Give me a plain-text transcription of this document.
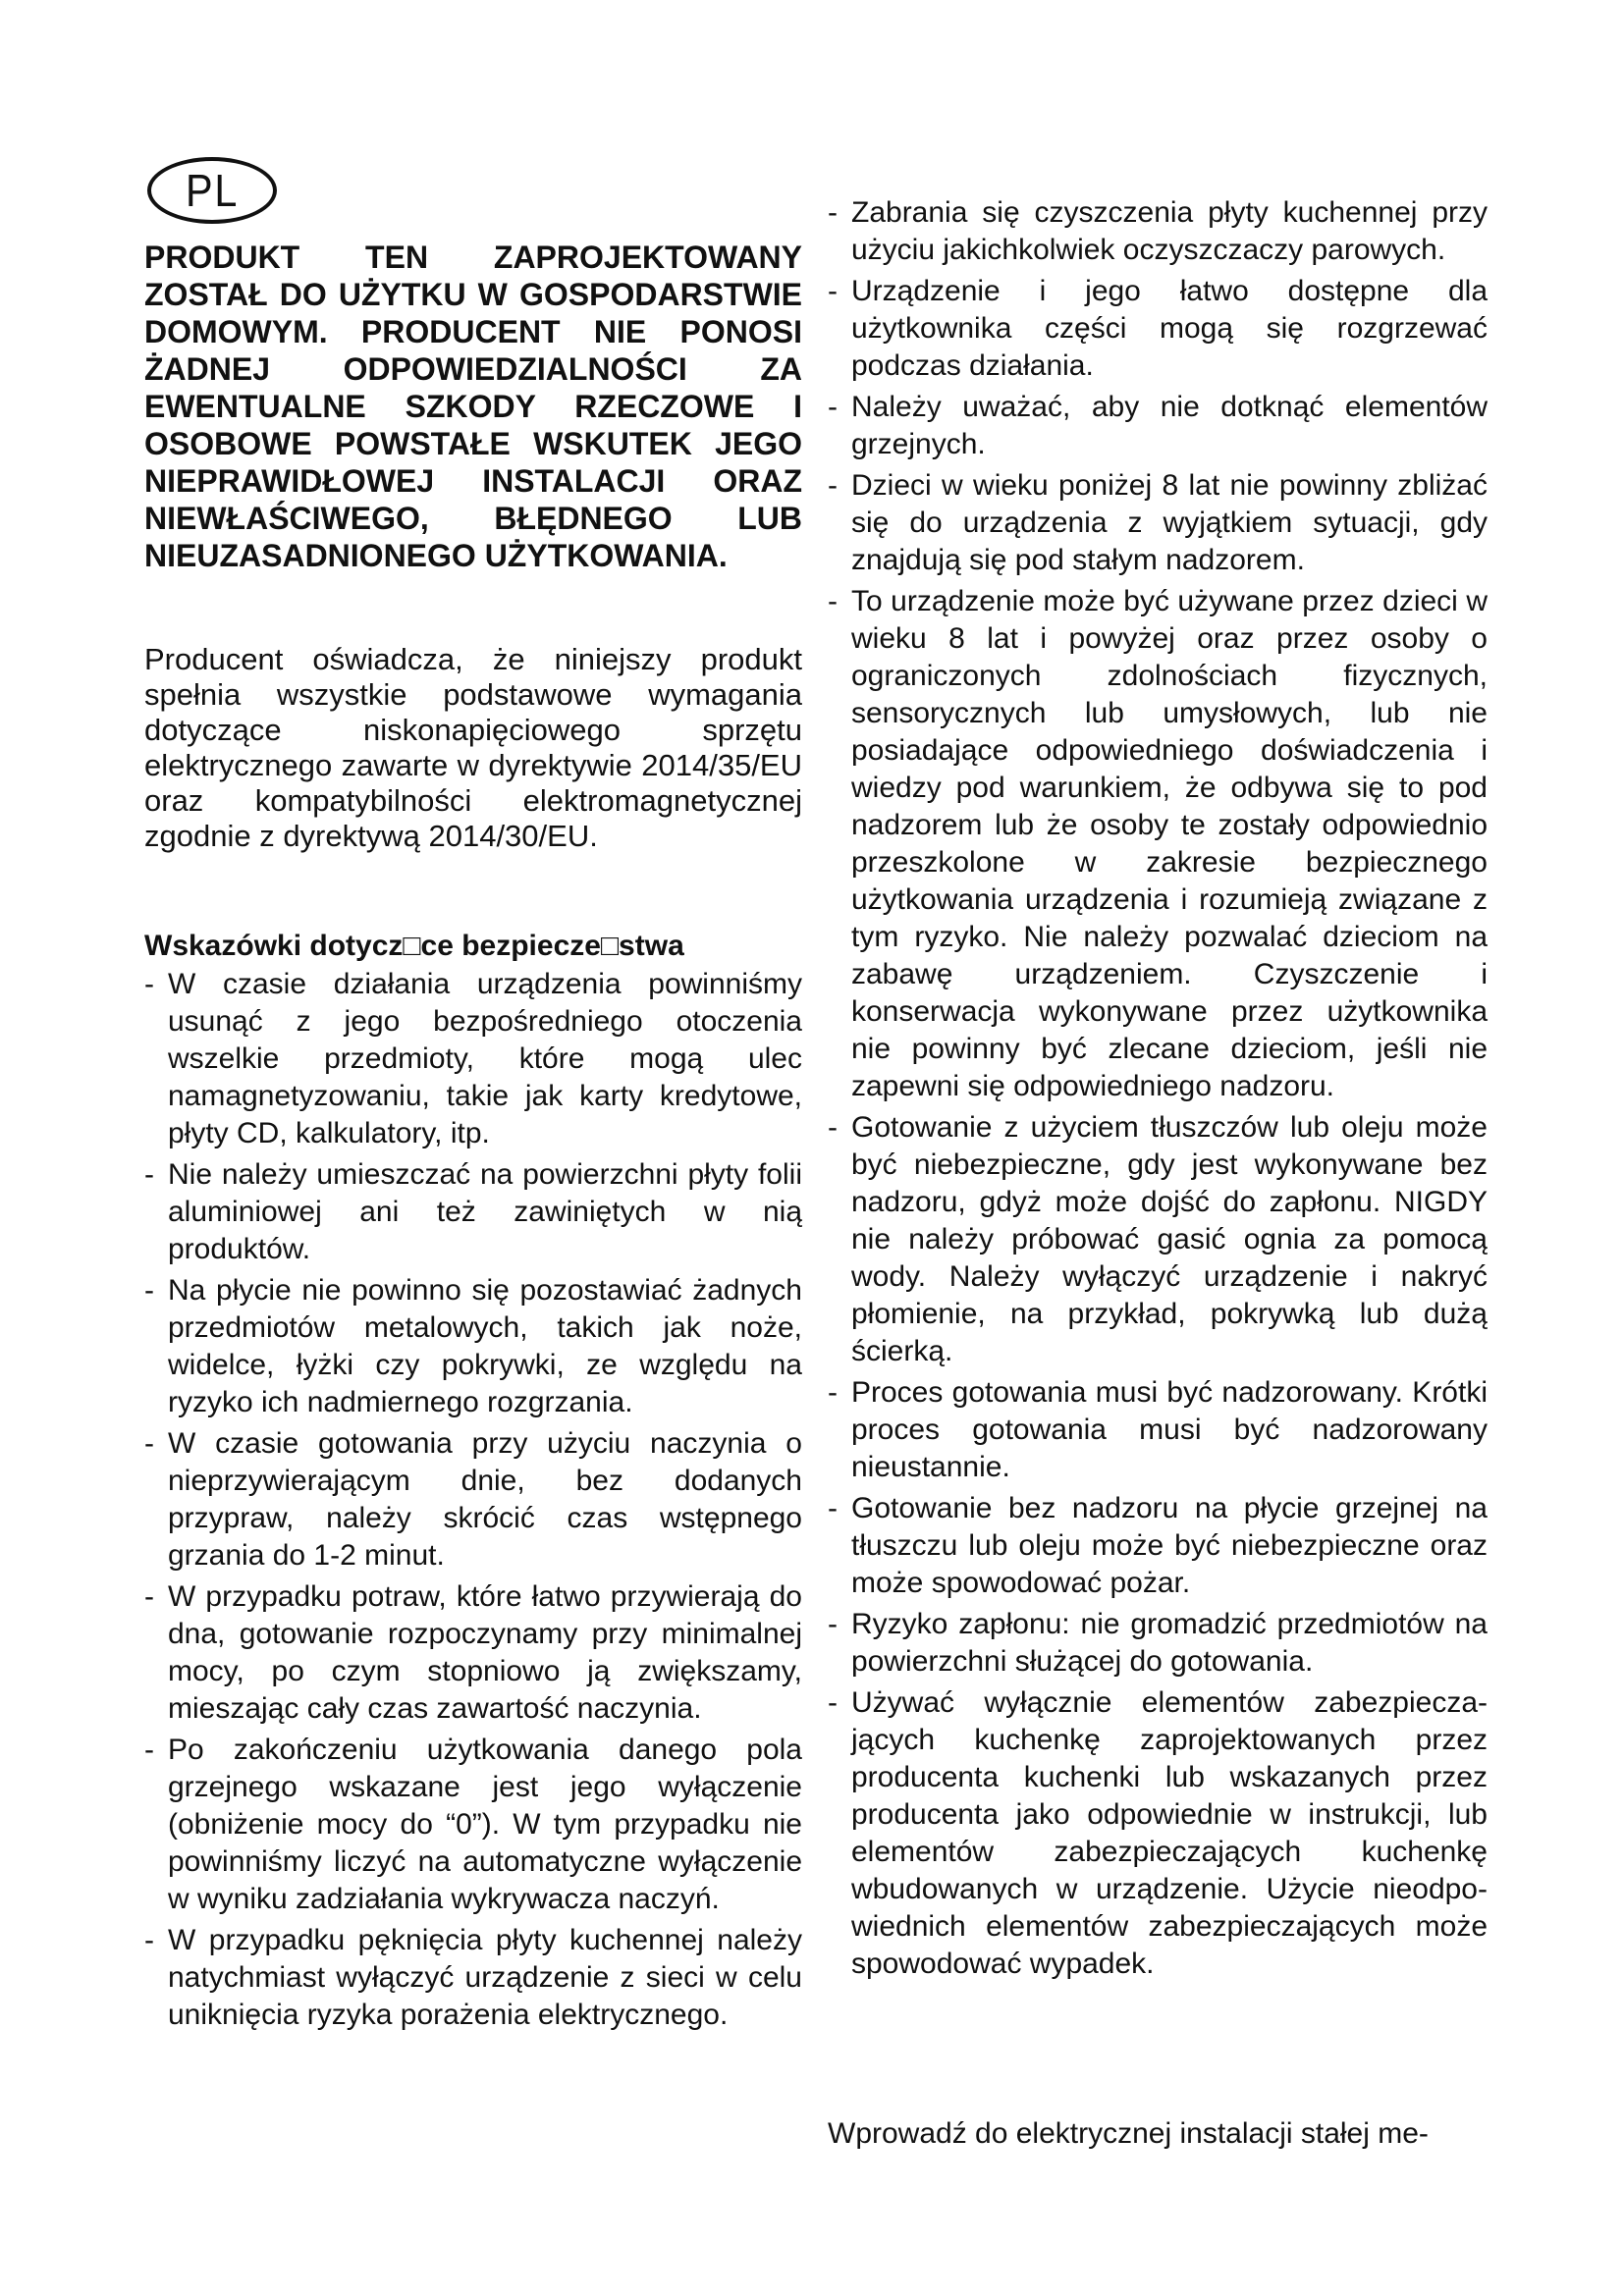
PL
PRODUKT TEN ZAPROJEKTOWANY ZOSTAŁ DO UŻYTKU W GOSPODARSTWIE DOMOWYM. PRODUCENT NIE PONOSI ŻADNEJ ODPOWIEDZIALNOŚCI ZA EWENTUALNE SZKODY RZECZOWE I OSOBOWE POWSTAŁE WSKUTEK JEGO NIEPRAWIDŁOWEJ INSTALACJI ORAZ NIEWŁAŚCIWEGO, BŁĘDNEGO LUB NIEUZASADNIONEGO UŻYTKOWANIA.
Producent oświadcza, że niniejszy produkt spełnia wszystkie podstawowe wymagania dotyczące niskonapięciowego sprzętu elektrycznego zawarte w dyrektywie 2014/35/EU oraz kompatybilności elektromagnetycznej zgodnie z dyrektywą 2014/30/EU.
Wskazówki dotycz□ce bezpiecze□stwa
- W czasie działania urządzenia powinniśmy usunąć z jego bezpośredniego otoczenia wszelkie przedmioty, które mogą ulec namagnetyzowaniu, takie jak karty kredytowe, płyty CD, kalkulatory, itp.
- Nie należy umieszczać na powierzchni płyty folii aluminiowej ani też zawiniętych w nią produktów.
- Na płycie nie powinno się pozostawiać żadnych przedmiotów metalowych, takich jak noże, widelce, łyżki czy pokrywki, ze względu na ryzyko ich nadmiernego rozgrzania.
- W czasie gotowania przy użyciu naczynia o nieprzywierającym dnie, bez dodanych przypraw, należy skrócić czas wstępnego grzania do 1-2 minut.
- W przypadku potraw, które łatwo przywierają do dna, gotowanie rozpoczynamy przy minimalnej mocy, po czym stopniowo ją zwiększamy, mieszając cały czas zawartość naczynia.
- Po zakończeniu użytkowania danego pola grzejnego wskazane jest jego wyłączenie (obniżenie mocy do “0”). W tym przypadku nie powinniśmy liczyć na automatyczne wyłączenie w wyniku zadziałania wykrywacza naczyń.
- W przypadku pęknięcia płyty kuchennej należy natychmiast wyłączyć urządzenie z sieci w celu uniknięcia ryzyka porażenia elektrycznego.
- Zabrania się czyszczenia płyty kuchennej przy użyciu jakichkolwiek oczyszczaczy parowych.
- Urządzenie i jego łatwo dostępne dla użytkownika części mogą się rozgrzewać podczas działania.
- Należy uważać, aby nie dotknąć elementów grzejnych.
- Dzieci w wieku poniżej 8 lat nie powinny zbliżać się do urządzenia z wyjątkiem sytuacji, gdy znajdują się pod stałym nadzorem.
- To urządzenie może być używane przez dzieci w wieku 8 lat i powyżej oraz przez osoby o ograniczonych zdolnościach fizycznych, sensorycznych lub umysłowych, lub nie posiadające odpowiedniego doświadczenia i wiedzy pod warunkiem, że odbywa się to pod nadzorem lub że osoby te zostały odpowiednio przeszkolone w zakresie bezpiecznego użytkowania urządzenia i rozumieją związane z tym ryzyko. Nie należy pozwalać dzieciom na zabawę urządzeniem. Czyszczenie i konserwacja wykonywane przez użytkownika nie powinny być zlecane dzieciom, jeśli nie zapewni się odpowiedniego nadzoru.
- Gotowanie z użyciem tłuszczów lub oleju może być niebezpieczne, gdy jest wykonywane bez nadzoru, gdyż może dojść do zapłonu. NIGDY nie należy próbować gasić ognia za pomocą wody. Należy wyłączyć urządzenie i nakryć płomienie, na przykład, pokrywką lub dużą ścierką.
- Proces gotowania musi być nadzorowany. Krótki proces gotowania musi być nadzorowany nieustannie.
- Gotowanie bez nadzoru na płycie grzejnej na tłuszczu lub oleju może być niebezpieczne oraz może spowodować pożar.
- Ryzyko zapłonu: nie gromadzić przedmiotów na powierzchni służącej do gotowania.
- Używać wyłącznie elementów zabezpiecza-jących kuchenkę zaprojektowanych przez producenta kuchenki lub wskazanych przez producenta jako odpowiednie w instrukcji, lub elementów zabezpieczających kuchenkę wbudowanych w urządzenie. Użycie nieodpo-wiednich elementów zabezpieczających może spowodować wypadek.
Wprowadź do elektrycznej instalacji stałej me-
